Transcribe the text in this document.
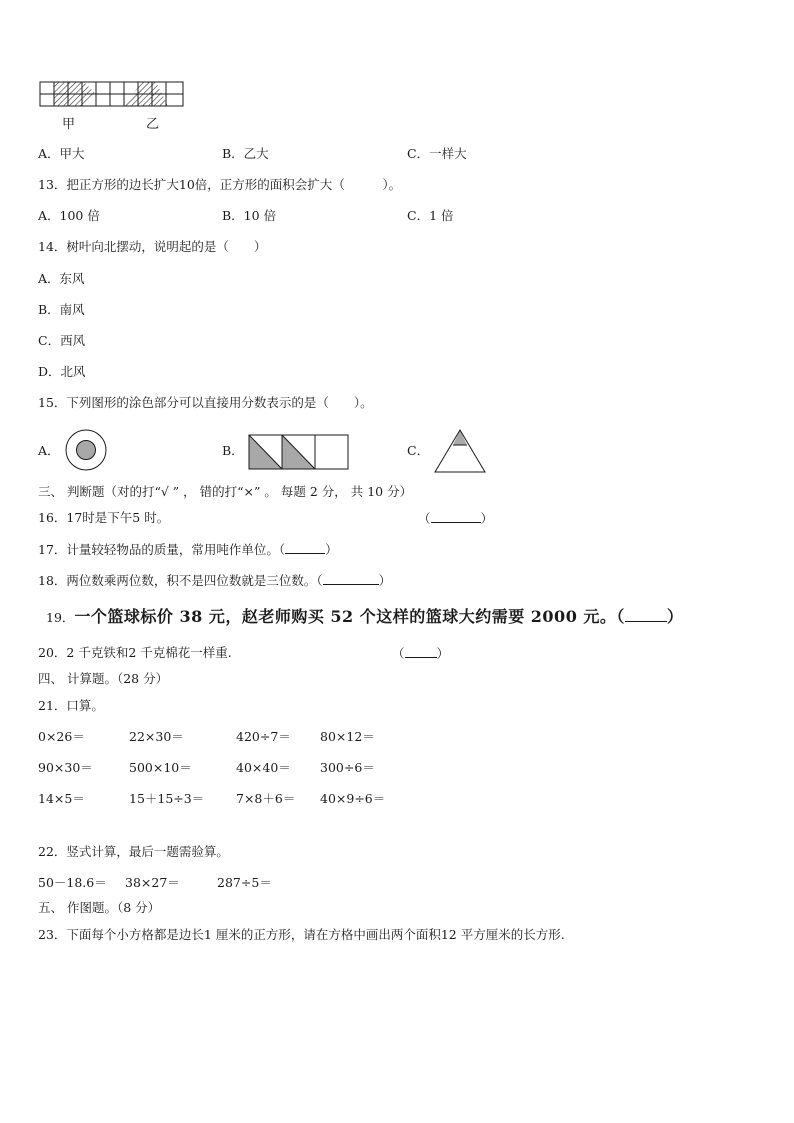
甲	乙
A．甲大	B．乙大	C．一样大
13．把正方形的边长扩大10倍，正方形的面积会扩大（　　　）。
A．100 倍	B．10 倍	C．1 倍
14．树叶向北摆动，说明起的是（　　）
A．东风
B．南风
C．西风
D．北风
15．下列图形的涂色部分可以直接用分数表示的是（　　）。
A．	B．	C．
三、 判断题（对的打“√ ” ， 错的打“×” 。 每题 2 分， 共 10 分）
16．17时是下午5 时。	（	）
17．计量较轻物品的质量，常用吨作单位。（	）
18．两位数乘两位数，积不是四位数就是三位数。（	）
19．一个篮球标价 38 元，赵老师购买 52 个这样的篮球大约需要 2000 元。（	）
20．2 千克铁和2 千克棉花一样重.	（	）
四、 计算题。（28 分）
21．口算。
0×26＝	22×30＝	420÷7＝ 80×12＝
90×30＝	500×10＝	40×40＝ 300÷6＝
14×5＝	15＋15÷3＝	7×8＋6＝ 40×9÷6＝
22．竖式计算，最后一题需验算。
50－18.6＝ 38×27＝	287÷5＝
五、 作图题。（8 分）
23．下面每个小方格都是边长1 厘米的正方形，请在方格中画出两个面积12 平方厘米的长方形.
